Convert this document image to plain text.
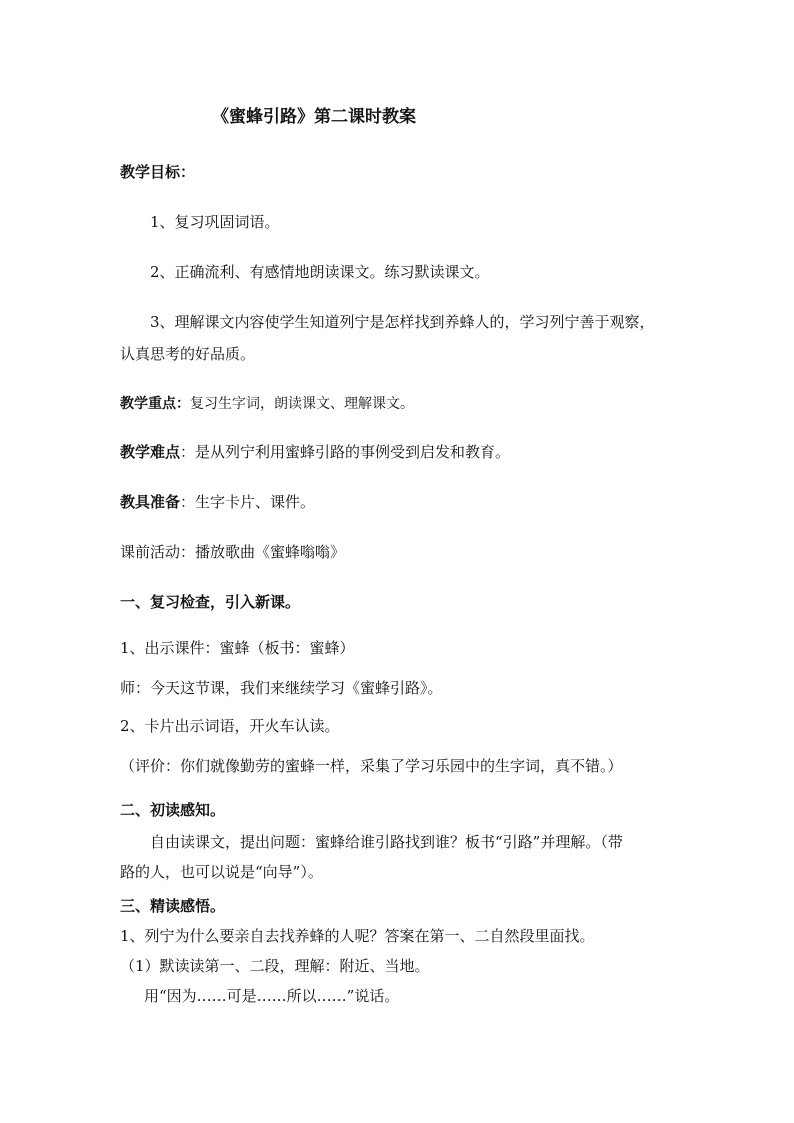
《蜜蜂引路》第二课时教案
教学目标：
1、复习巩固词语。
2、正确流利、有感情地朗读课文。练习默读课文。
3、理解课文内容使学生知道列宁是怎样找到养蜂人的，学习列宁善于观察，
认真思考的好品质。
教学重点：复习生字词，朗读课文、理解课文。
教学难点：是从列宁利用蜜蜂引路的事例受到启发和教育。
教具准备：生字卡片、课件。
课前活动：播放歌曲《蜜蜂嗡嗡》
一、复习检查，引入新课。
1、出示课件：蜜蜂（板书：蜜蜂）
师：今天这节课，我们来继续学习《蜜蜂引路》。
2、卡片出示词语，开火车认读。
（评价：你们就像勤劳的蜜蜂一样，采集了学习乐园中的生字词，真不错。）
二、初读感知。
自由读课文，提出问题：蜜蜂给谁引路找到谁？板书“引路”并理解。（带
路的人，也可以说是“向导”）。
三、精读感悟。
1、列宁为什么要亲自去找养蜂的人呢？答案在第一、二自然段里面找。
（1）默读读第一、二段，理解：附近、当地。
用“因为……可是……所以……”说话。
